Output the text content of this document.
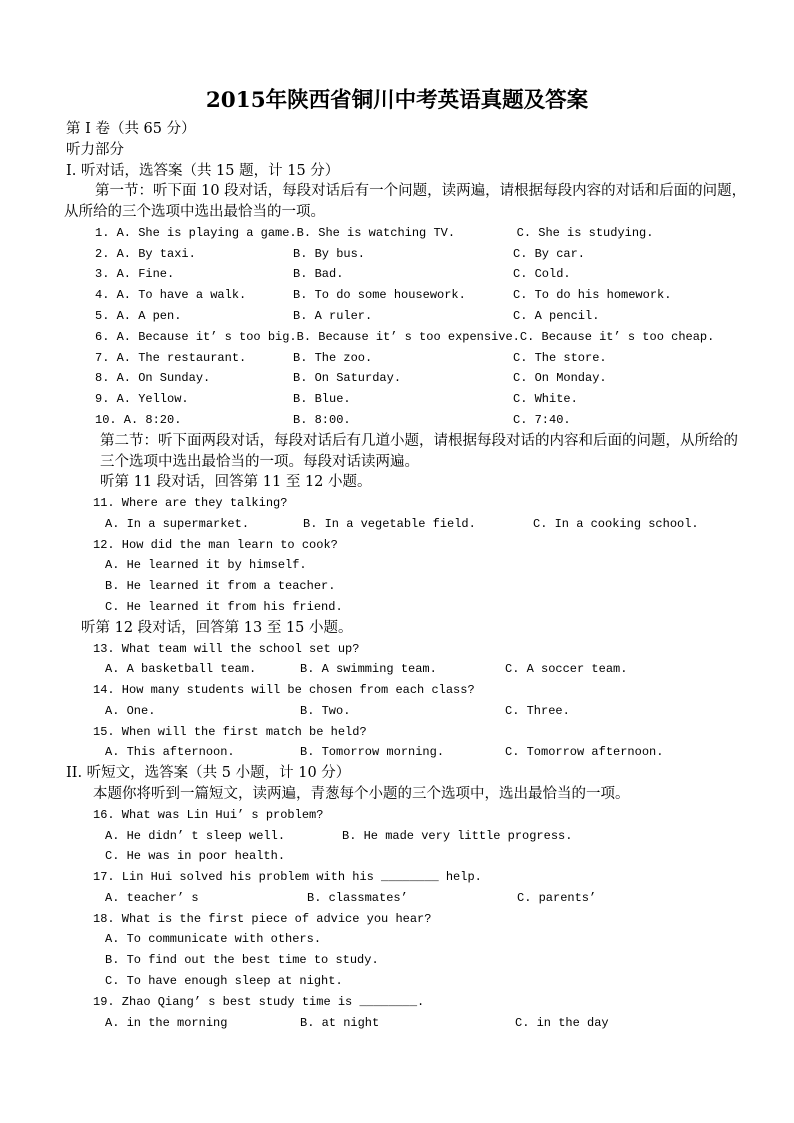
2015年陕西省铜川中考英语真题及答案
第 I 卷（共 65 分）
听力部分
I. 听对话，选答案（共 15 题，计 15 分）
第一节：听下面 10 段对话，每段对话后有一个问题，读两遍，请根据每段内容的对话和后面的问题，
从所给的三个选项中选出最恰当的一项。
1. A. She is playing a game.B. She is watching TV.	C. She is studying.
2. A. By taxi.	B. By bus.	C. By car.
3. A. Fine.	B. Bad.	C. Cold.
4. A. To have a walk.	B. To do some housework.	C. To do his homework.
5. A. A pen.	B. A ruler.	C. A pencil.
6. A. Because it’ s too big.B. Because it’ s too expensive.C. Because it’ s too cheap.
7. A. The restaurant.	B. The zoo.	C. The store.
8. A. On Sunday.	B. On Saturday.	C. On Monday.
9. A. Yellow.	B. Blue.	C. White.
10. A. 8:20.	B. 8:00.	C. 7:40.
第二节：听下面两段对话，每段对话后有几道小题，请根据每段对话的内容和后面的问题，从所给的
三个选项中选出最恰当的一项。每段对话读两遍。
听第 11 段对话，回答第 11 至 12 小题。
11. Where are they talking?
A. In a supermarket.	B. In a vegetable field.	C. In a cooking school.
12. How did the man learn to cook?
A. He learned it by himself.
B. He learned it from a teacher.
C. He learned it from his friend.
听第 12 段对话，回答第 13 至 15 小题。
13. What team will the school set up?
A. A basketball team.	B. A swimming team.	C. A soccer team.
14. How many students will be chosen from each class?
A. One.	B. Two.	C. Three.
15. When will the first match be held?
A. This afternoon.	B. Tomorrow morning.	C. Tomorrow afternoon.
II. 听短文，选答案（共 5 小题，计 10 分）
本题你将听到一篇短文，读两遍，青葱每个小题的三个选项中，选出最恰当的一项。
16. What was Lin Hui’ s problem?
A. He didn’ t sleep well.	B. He made very little progress.
C. He was in poor health.
17. Lin Hui solved his problem with his ________ help.
A. teacher’ s	B. classmates’	C. parents’
18. What is the first piece of advice you hear?
A. To communicate with others.
B. To find out the best time to study.
C. To have enough sleep at night.
19. Zhao Qiang’ s best study time is ________.
A. in the morning	B. at night	C. in the day
